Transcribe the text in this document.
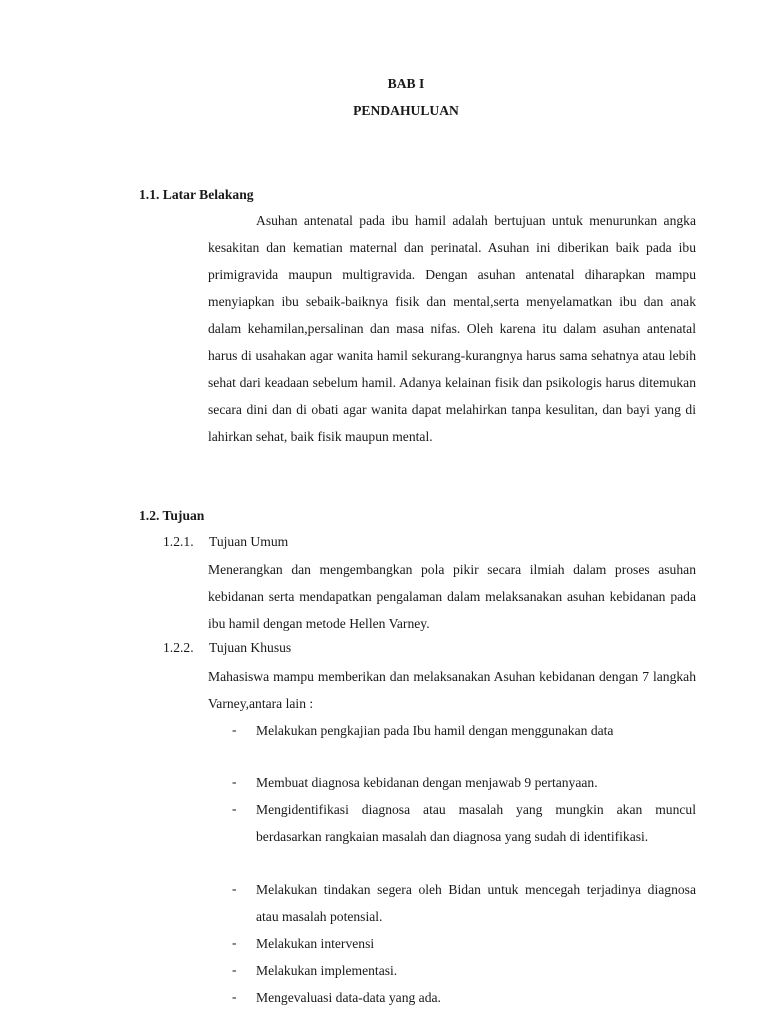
BAB I
PENDAHULUAN
1.1. Latar Belakang
Asuhan antenatal pada ibu hamil adalah bertujuan untuk menurunkan angka kesakitan dan kematian maternal dan perinatal. Asuhan ini diberikan baik pada ibu primigravida maupun multigravida. Dengan asuhan antenatal diharapkan mampu menyiapkan ibu sebaik-baiknya fisik dan mental,serta menyelamatkan ibu dan anak dalam kehamilan,persalinan dan masa nifas. Oleh karena itu dalam asuhan antenatal harus di usahakan agar wanita hamil sekurang-kurangnya harus sama sehatnya atau lebih sehat dari keadaan sebelum hamil. Adanya kelainan fisik dan psikologis harus ditemukan secara dini dan di obati agar wanita dapat melahirkan tanpa kesulitan, dan bayi yang di lahirkan sehat, baik fisik maupun mental.
1.2. Tujuan
1.2.1. Tujuan Umum
Menerangkan dan mengembangkan pola pikir secara ilmiah dalam proses asuhan kebidanan serta mendapatkan pengalaman dalam melaksanakan asuhan kebidanan pada ibu hamil dengan metode Hellen Varney.
1.2.2. Tujuan Khusus
Mahasiswa mampu memberikan dan melaksanakan Asuhan kebidanan dengan 7 langkah Varney,antara lain :
- Melakukan pengkajian pada Ibu hamil dengan menggunakan data
- Membuat diagnosa kebidanan dengan menjawab 9 pertanyaan.
- Mengidentifikasi diagnosa atau masalah yang mungkin akan muncul berdasarkan rangkaian masalah dan diagnosa yang sudah di identifikasi.
- Melakukan tindakan segera oleh Bidan untuk mencegah terjadinya diagnosa atau masalah potensial.
- Melakukan intervensi
- Melakukan implementasi.
- Mengevaluasi data-data yang ada.
